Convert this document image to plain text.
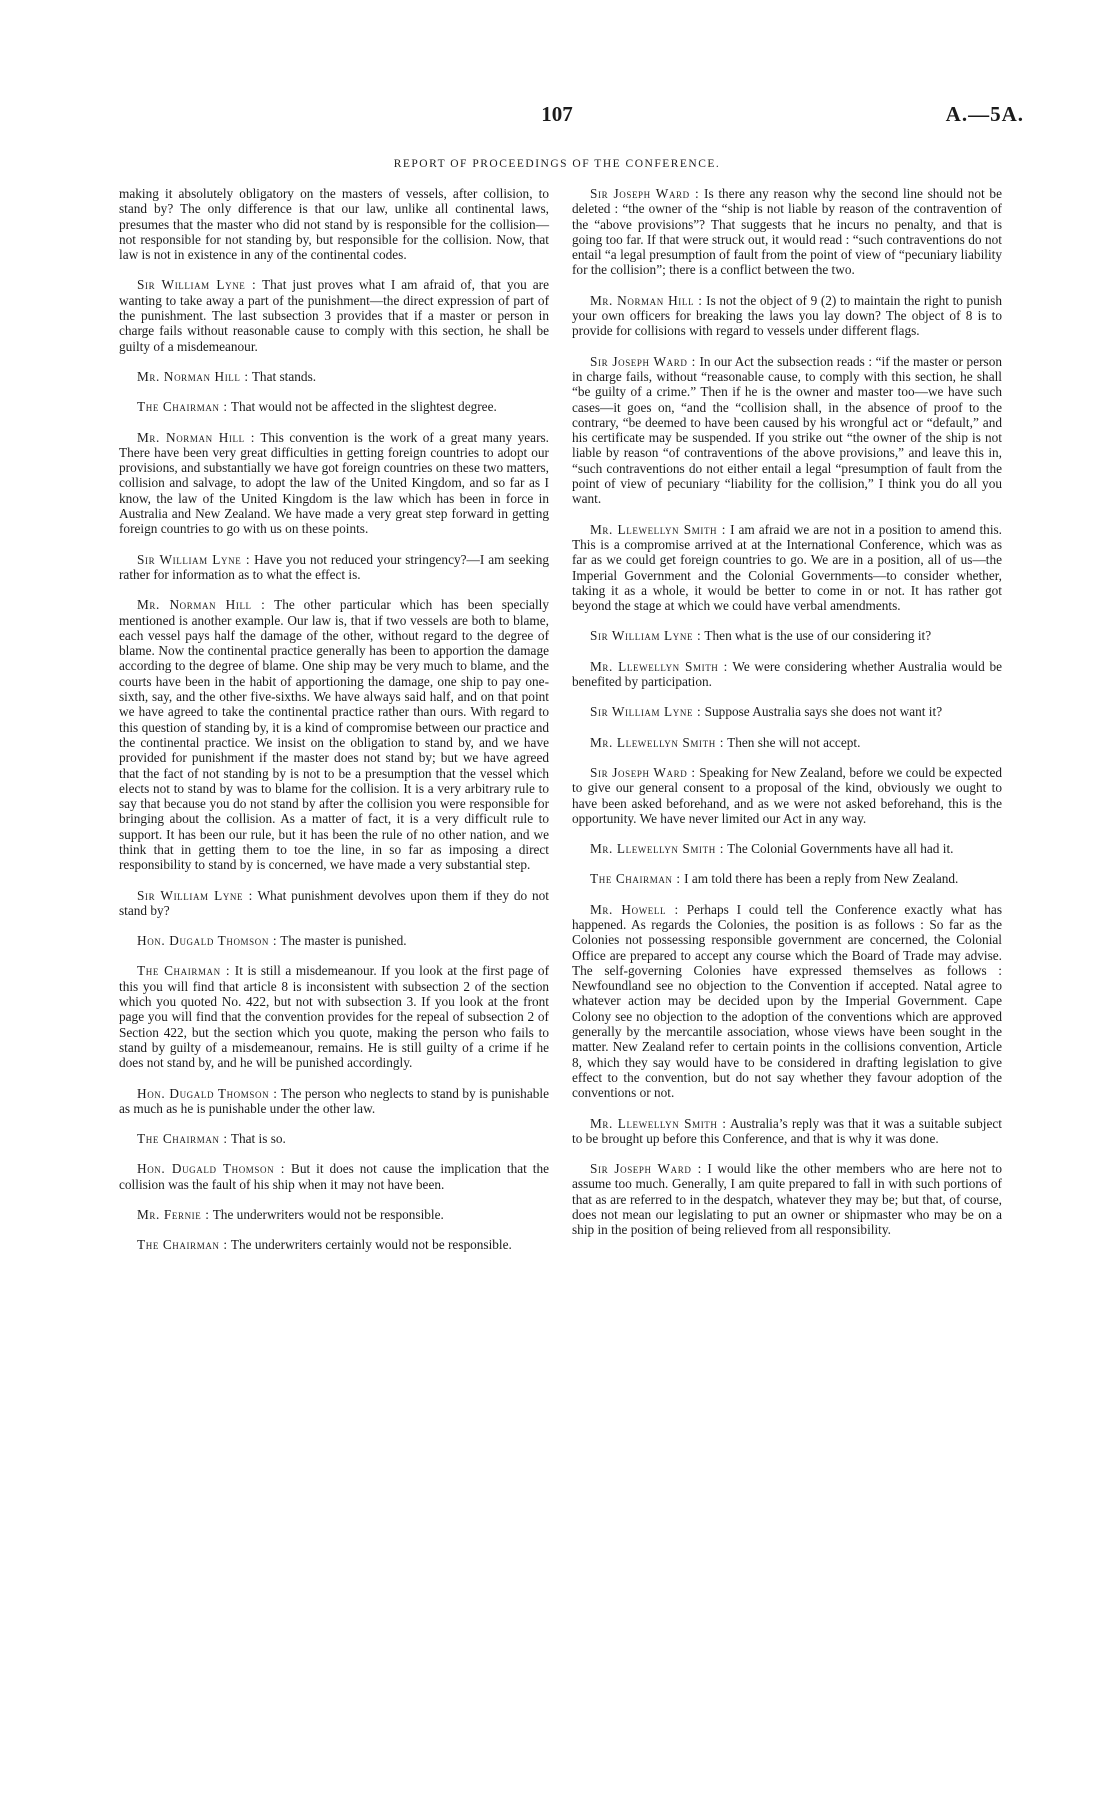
107	A.—5A.
REPORT OF PROCEEDINGS OF THE CONFERENCE.

making it absolutely obligatory on the masters of vessels, after collision, to stand by? The only difference is that our law, unlike all continental laws, presumes that the master who did not stand by is responsible for the collision—not responsible for not standing by, but responsible for the collision. Now, that law is not in existence in any of the continental codes.

Sir William Lyne : That just proves what I am afraid of, that you are wanting to take away a part of the punishment—the direct expression of part of the punishment. The last subsection 3 provides that if a master or person in charge fails without reasonable cause to comply with this section, he shall be guilty of a misdemeanour.

Mr. Norman Hill : That stands.

The Chairman : That would not be affected in the slightest degree.

Mr. Norman Hill : This convention is the work of a great many years. There have been very great difficulties in getting foreign countries to adopt our provisions, and substantially we have got foreign countries on these two matters, collision and salvage, to adopt the law of the United Kingdom, and so far as I know, the law of the United Kingdom is the law which has been in force in Australia and New Zealand. We have made a very great step forward in getting foreign countries to go with us on these points.

Sir William Lyne : Have you not reduced your stringency?—I am seeking rather for information as to what the effect is.

Mr. Norman Hill : The other particular which has been specially mentioned is another example. Our law is, that if two vessels are both to blame, each vessel pays half the damage of the other, without regard to the degree of blame. Now the continental practice generally has been to apportion the damage according to the degree of blame. One ship may be very much to blame, and the courts have been in the habit of apportioning the damage, one ship to pay one-sixth, say, and the other five-sixths. We have always said half, and on that point we have agreed to take the continental practice rather than ours. With regard to this question of standing by, it is a kind of compromise between our practice and the continental practice. We insist on the obligation to stand by, and we have provided for punishment if the master does not stand by; but we have agreed that the fact of not standing by is not to be a presumption that the vessel which elects not to stand by was to blame for the collision. It is a very arbitrary rule to say that because you do not stand by after the collision you were responsible for bringing about the collision. As a matter of fact, it is a very difficult rule to support. It has been our rule, but it has been the rule of no other nation, and we think that in getting them to toe the line, in so far as imposing a direct responsibility to stand by is concerned, we have made a very substantial step.

Sir William Lyne : What punishment devolves upon them if they do not stand by?

Hon. Dugald Thomson : The master is punished.

The Chairman : It is still a misdemeanour. If you look at the first page of this you will find that article 8 is inconsistent with subsection 2 of the section which you quoted No. 422, but not with subsection 3. If you look at the front page you will find that the convention provides for the repeal of subsection 2 of Section 422, but the section which you quote, making the person who fails to stand by guilty of a misdemeanour, remains. He is still guilty of a crime if he does not stand by, and he will be punished accordingly.

Hon. Dugald Thomson : The person who neglects to stand by is punishable as much as he is punishable under the other law.

The Chairman : That is so.

Hon. Dugald Thomson : But it does not cause the implication that the collision was the fault of his ship when it may not have been.

Mr. Fernie : The underwriters would not be responsible.

The Chairman : The underwriters certainly would not be responsible.

Sir Joseph Ward : Is there any reason why the second line should not be deleted : “the owner of the “ship is not liable by reason of the contravention of the “above provisions”? That suggests that he incurs no penalty, and that is going too far. If that were struck out, it would read : “such contraventions do not entail “a legal presumption of fault from the point of view of “pecuniary liability for the collision”; there is a conflict between the two.

Mr. Norman Hill : Is not the object of 9 (2) to maintain the right to punish your own officers for breaking the laws you lay down? The object of 8 is to provide for collisions with regard to vessels under different flags.

Sir Joseph Ward : In our Act the subsection reads : “if the master or person in charge fails, without “reasonable cause, to comply with this section, he shall “be guilty of a crime.” Then if he is the owner and master too—we have such cases—it goes on, “and the “collision shall, in the absence of proof to the contrary, “be deemed to have been caused by his wrongful act or “default,” and his certificate may be suspended. If you strike out “the owner of the ship is not liable by reason “of contraventions of the above provisions,” and leave this in, “such contraventions do not either entail a legal “presumption of fault from the point of view of pecuniary “liability for the collision,” I think you do all you want.

Mr. Llewellyn Smith : I am afraid we are not in a position to amend this. This is a compromise arrived at at the International Conference, which was as far as we could get foreign countries to go. We are in a position, all of us—the Imperial Government and the Colonial Governments—to consider whether, taking it as a whole, it would be better to come in or not. It has rather got beyond the stage at which we could have verbal amendments.

Sir William Lyne : Then what is the use of our considering it?

Mr. Llewellyn Smith : We were considering whether Australia would be benefited by participation.

Sir William Lyne : Suppose Australia says she does not want it?

Mr. Llewellyn Smith : Then she will not accept.

Sir Joseph Ward : Speaking for New Zealand, before we could be expected to give our general consent to a proposal of the kind, obviously we ought to have been asked beforehand, and as we were not asked beforehand, this is the opportunity. We have never limited our Act in any way.

Mr. Llewellyn Smith : The Colonial Governments have all had it.

The Chairman : I am told there has been a reply from New Zealand.

Mr. Howell : Perhaps I could tell the Conference exactly what has happened. As regards the Colonies, the position is as follows : So far as the Colonies not possessing responsible government are concerned, the Colonial Office are prepared to accept any course which the Board of Trade may advise. The self-governing Colonies have expressed themselves as follows : Newfoundland see no objection to the Convention if accepted. Natal agree to whatever action may be decided upon by the Imperial Government. Cape Colony see no objection to the adoption of the conventions which are approved generally by the mercantile association, whose views have been sought in the matter. New Zealand refer to certain points in the collisions convention, Article 8, which they say would have to be considered in drafting legislation to give effect to the convention, but do not say whether they favour adoption of the conventions or not.

Mr. Llewellyn Smith : Australia’s reply was that it was a suitable subject to be brought up before this Conference, and that is why it was done.

Sir Joseph Ward : I would like the other members who are here not to assume too much. Generally, I am quite prepared to fall in with such portions of that as are referred to in the despatch, whatever they may be; but that, of course, does not mean our legislating to put an owner or shipmaster who may be on a ship in the position of being relieved from all responsibility.
